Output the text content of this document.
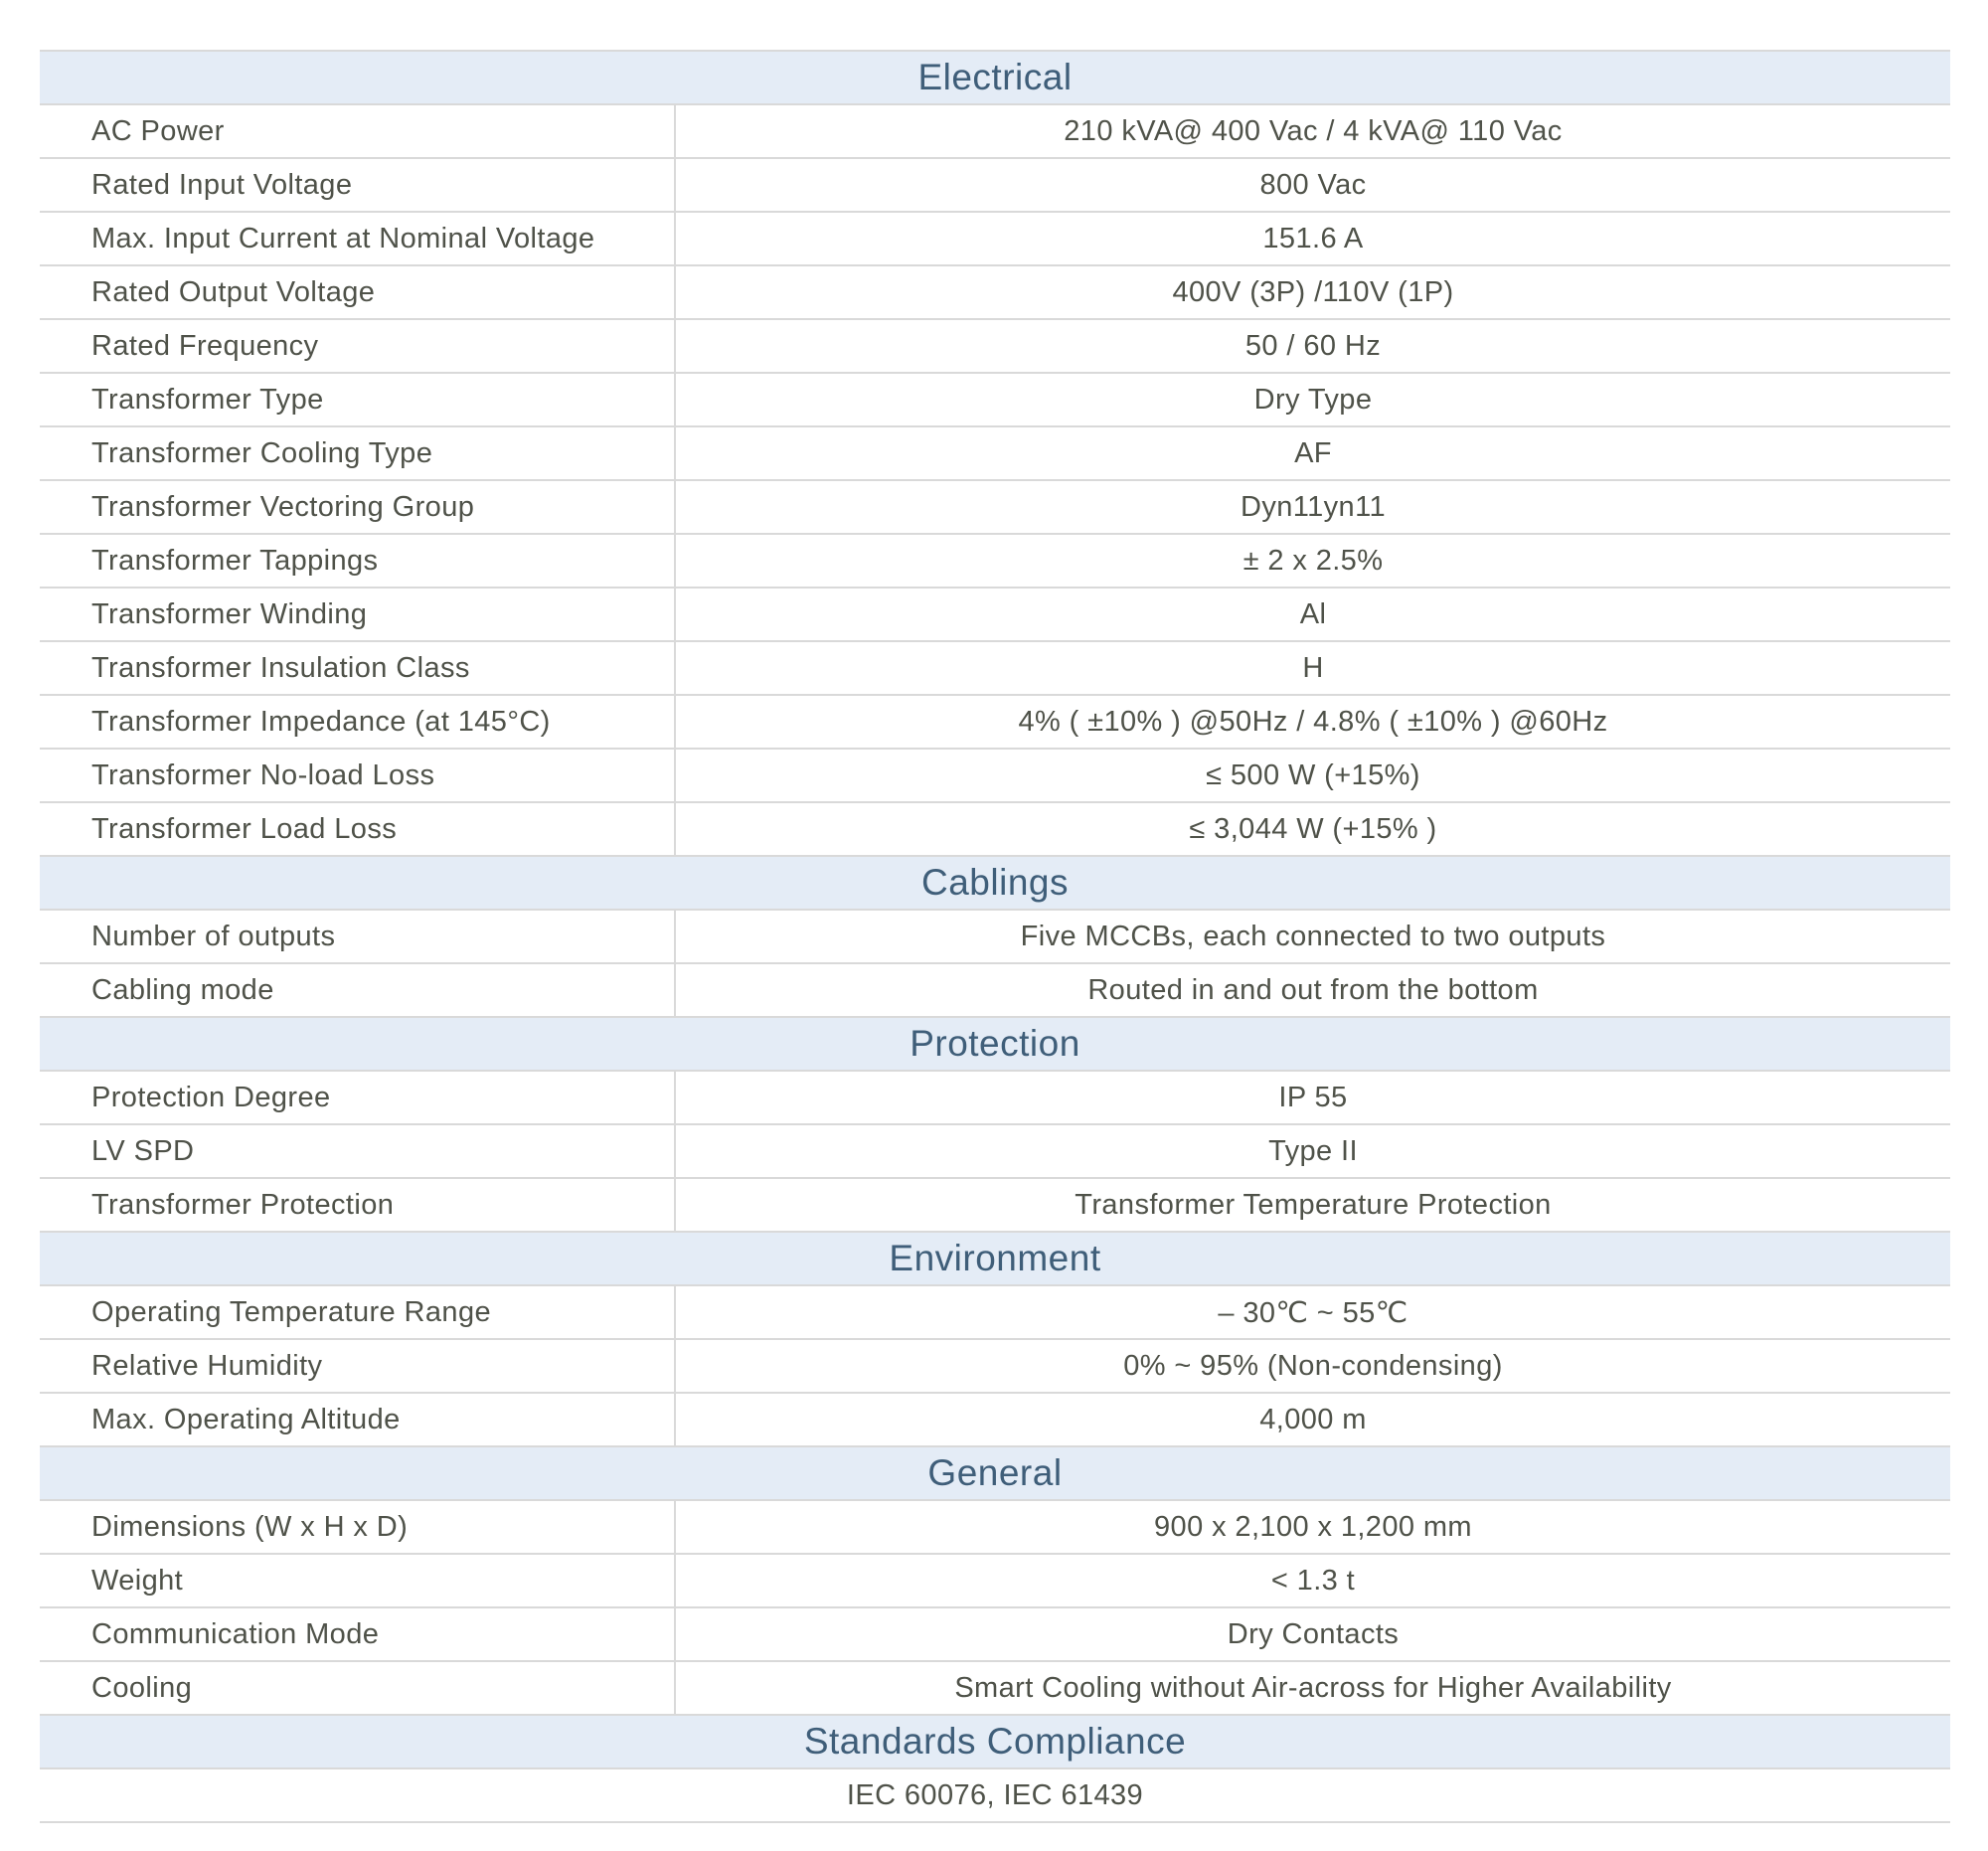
Electrical
AC Power	210 kVA@ 400 Vac / 4 kVA@ 110 Vac
Rated Input Voltage	800 Vac
Max. Input Current at Nominal Voltage	151.6 A
Rated Output Voltage	400V (3P) /110V (1P)
Rated Frequency	50 / 60 Hz
Transformer Type	Dry Type
Transformer Cooling Type	AF
Transformer Vectoring Group	Dyn11yn11
Transformer Tappings	± 2 x 2.5%
Transformer Winding	Al
Transformer Insulation Class	H
Transformer Impedance (at 145°C)	4% ( ±10% ) @50Hz / 4.8% ( ±10% ) @60Hz
Transformer No-load Loss	≤ 500 W (+15%)
Transformer Load Loss	≤ 3,044 W (+15% )
Cablings
Number of outputs	Five MCCBs, each connected to two outputs
Cabling mode	Routed in and out from the bottom
Protection
Protection Degree	IP 55
LV SPD	Type II
Transformer Protection	Transformer Temperature Protection
Environment
Operating Temperature Range	– 30℃ ~ 55℃
Relative Humidity	0% ~ 95% (Non-condensing)
Max. Operating Altitude	4,000 m
General
Dimensions (W x H x D)	900 x 2,100 x 1,200 mm
Weight	< 1.3 t
Communication Mode	Dry Contacts
Cooling	Smart Cooling without Air-across for Higher Availability
Standards Compliance
IEC 60076, IEC 61439
